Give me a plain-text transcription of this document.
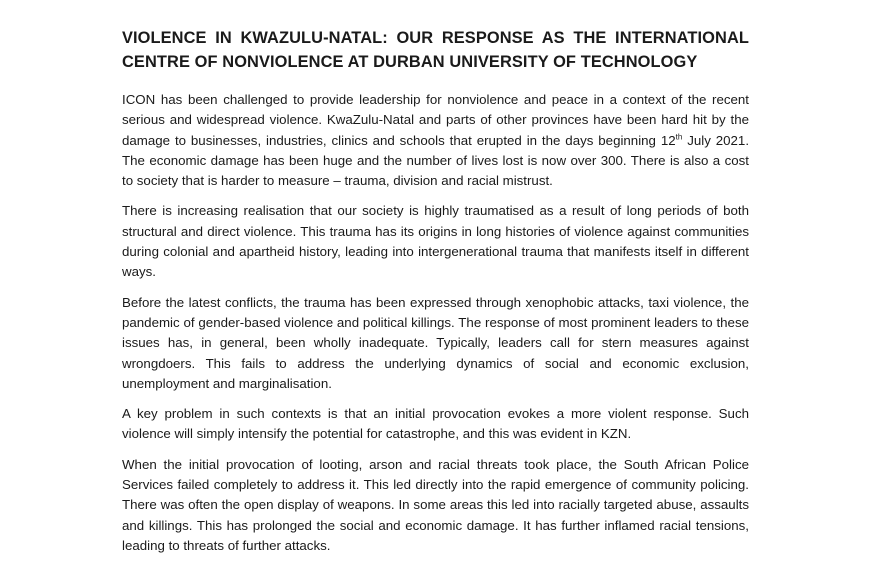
VIOLENCE IN KWAZULU-NATAL: OUR RESPONSE AS THE INTERNATIONAL CENTRE OF NONVIOLENCE AT DURBAN UNIVERSITY OF TECHNOLOGY

ICON has been challenged to provide leadership for nonviolence and peace in a context of the recent serious and widespread violence. KwaZulu-Natal and parts of other provinces have been hard hit by the damage to businesses, industries, clinics and schools that erupted in the days beginning 12th July 2021. The economic damage has been huge and the number of lives lost is now over 300. There is also a cost to society that is harder to measure – trauma, division and racial mistrust.

There is increasing realisation that our society is highly traumatised as a result of long periods of both structural and direct violence. This trauma has its origins in long histories of violence against communities during colonial and apartheid history, leading into intergenerational trauma that manifests itself in different ways.

Before the latest conflicts, the trauma has been expressed through xenophobic attacks, taxi violence, the pandemic of gender-based violence and political killings. The response of most prominent leaders to these issues has, in general, been wholly inadequate. Typically, leaders call for stern measures against wrongdoers. This fails to address the underlying dynamics of social and economic exclusion, unemployment and marginalisation.

A key problem in such contexts is that an initial provocation evokes a more violent response. Such violence will simply intensify the potential for catastrophe, and this was evident in KZN.

When the initial provocation of looting, arson and racial threats took place, the South African Police Services failed completely to address it. This led directly into the rapid emergence of community policing. There was often the open display of weapons. In some areas this led into racially targeted abuse, assaults and killings. This has prolonged the social and economic damage. It has further inflamed racial tensions, leading to threats of further attacks.
